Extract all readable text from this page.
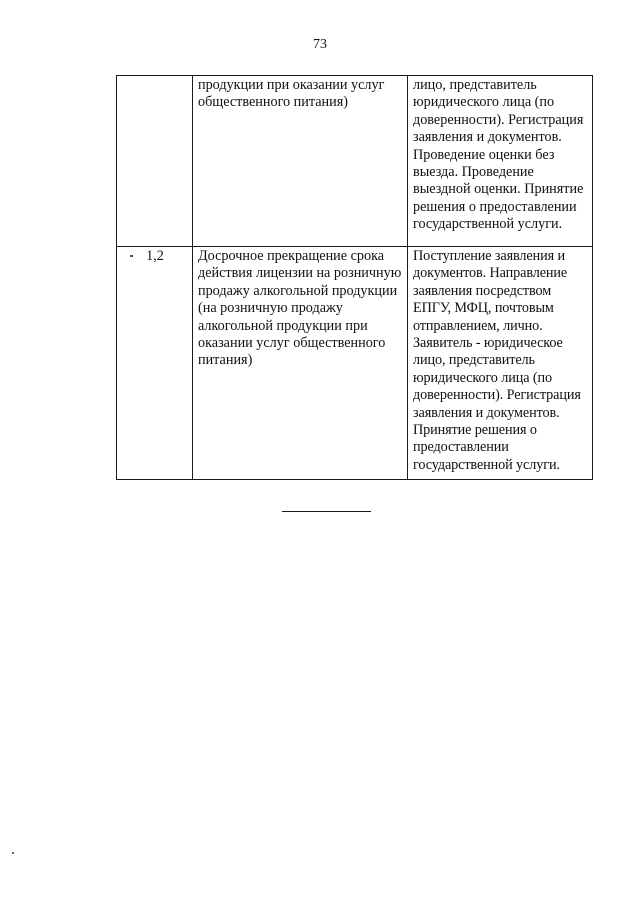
73
	продукции при оказании услуг общественного питания)	лицо, представитель юридического лица (по доверенности). Регистрация заявления и документов. Проведение оценки без выезда. Проведение выездной оценки. Принятие решения о предоставлении государственной услуги.
1,2	Досрочное прекращение срока действия лицензии на розничную продажу алкогольной продукции (на розничную продажу алкогольной продукции при оказании услуг общественного питания)	Поступление заявления и документов. Направление заявления посредством ЕПГУ, МФЦ, почтовым отправлением, лично. Заявитель - юридическое лицо, представитель юридического лица (по доверенности). Регистрация заявления и документов. Принятие решения о предоставлении государственной услуги.
